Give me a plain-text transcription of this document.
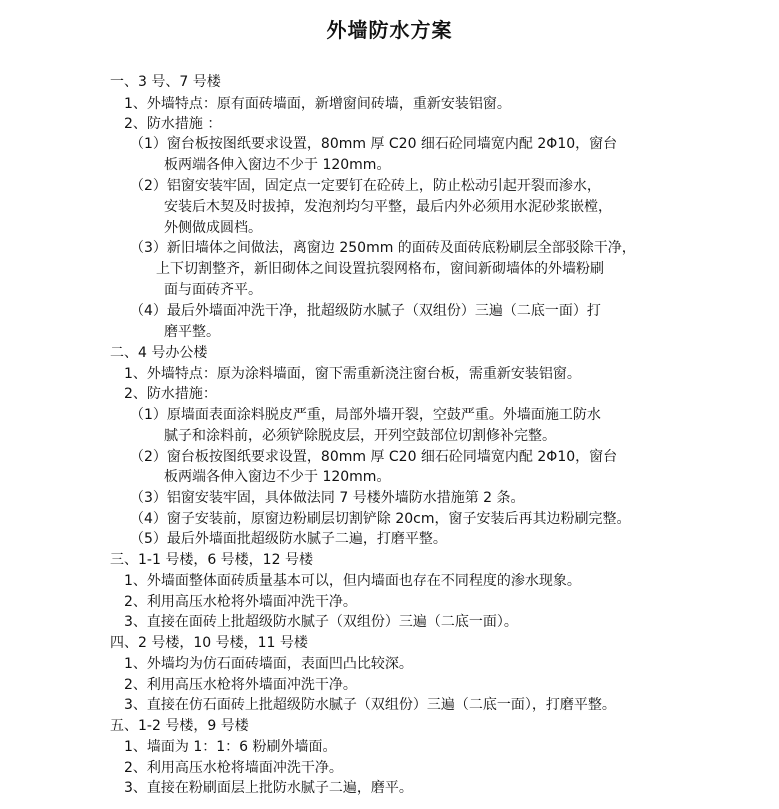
外墙防水方案
一、3 号、7 号楼
1、外墙特点：原有面砖墙面，新增窗间砖墙，重新安装铝窗。
2、防水措施 ：
（1）窗台板按图纸要求设置，80mm 厚 C20 细石砼同墙宽内配 2Φ10，窗台
板两端各伸入窗边不少于 120mm。
（2）铝窗安装牢固，固定点一定要钉在砼砖上，防止松动引起开裂而渗水，
安装后木契及时拔掉，发泡剂均匀平整，最后内外必须用水泥砂浆嵌樘，
外侧做成圆档。
（3）新旧墙体之间做法，离窗边 250mm 的面砖及面砖底粉刷层全部驳除干净，
上下切割整齐，新旧砌体之间设置抗裂网格布，窗间新砌墙体的外墙粉刷
面与面砖齐平。
（4）最后外墙面冲洗干净，批超级防水腻子（双组份）三遍（二底一面）打
磨平整。
二、4 号办公楼
1、外墙特点：原为涂料墙面，窗下需重新浇注窗台板，需重新安装铝窗。
2、防水措施：
（1）原墙面表面涂料脱皮严重，局部外墙开裂，空鼓严重。外墙面施工防水
腻子和涂料前，必须铲除脱皮层，开列空鼓部位切割修补完整。
（2）窗台板按图纸要求设置，80mm 厚 C20 细石砼同墙宽内配 2Φ10，窗台
板两端各伸入窗边不少于 120mm。
（3）铝窗安装牢固，具体做法同 7 号楼外墙防水措施第 2 条。
（4）窗子安装前，原窗边粉刷层切割铲除 20cm，窗子安装后再其边粉刷完整。
（5）最后外墙面批超级防水腻子二遍，打磨平整。
三、1-1 号楼，6 号楼，12 号楼
1、外墙面整体面砖质量基本可以，但内墙面也存在不同程度的渗水现象。
2、利用高压水枪将外墙面冲洗干净。
3、直接在面砖上批超级防水腻子（双组份）三遍（二底一面）。
四、2 号楼，10 号楼，11 号楼
1、外墙均为仿石面砖墙面，表面凹凸比较深。
2、利用高压水枪将外墙面冲洗干净。
3、直接在仿石面砖上批超级防水腻子（双组份）三遍（二底一面），打磨平整。
五、1-2 号楼，9 号楼
1、墙面为 1：1：6 粉刷外墙面。
2、利用高压水枪将墙面冲洗干净。
3、直接在粉刷面层上批防水腻子二遍，磨平。
